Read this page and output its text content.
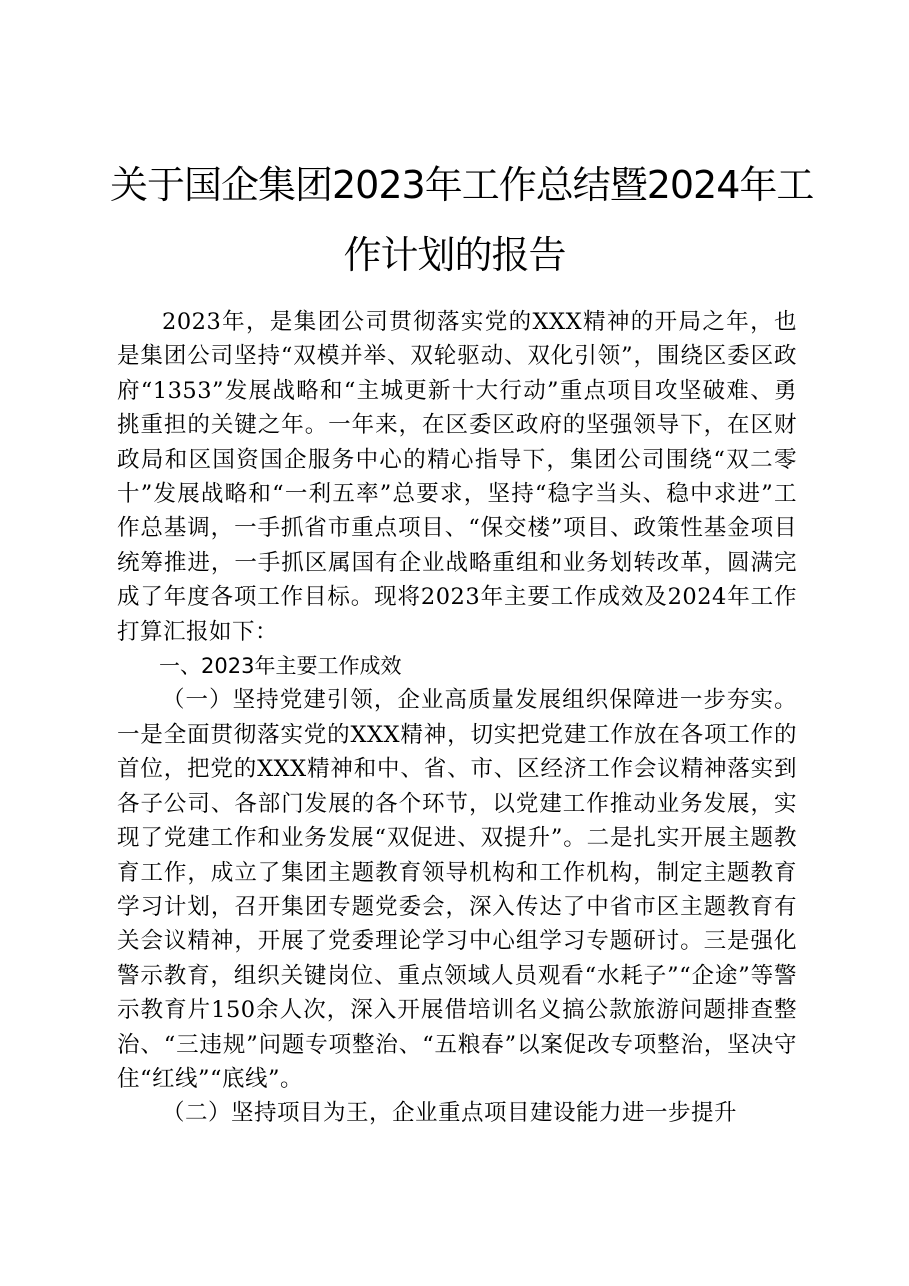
关于国企集团2023年工作总结暨2024年工
作计划的报告

2023年，是集团公司贯彻落实党的XXX精神的开局之年，也是集团公司坚持“双模并举、双轮驱动、双化引领”，围绕区委区政府“1353”发展战略和“主城更新十大行动”重点项目攻坚破难、勇挑重担的关键之年。一年来，在区委区政府的坚强领导下，在区财政局和区国资国企服务中心的精心指导下，集团公司围绕“双二零十”发展战略和“一利五率”总要求，坚持“稳字当头、稳中求进”工作总基调，一手抓省市重点项目、“保交楼”项目、政策性基金项目统筹推进，一手抓区属国有企业战略重组和业务划转改革，圆满完成了年度各项工作目标。现将2023年主要工作成效及2024年工作打算汇报如下：

一、2023年主要工作成效

（一）坚持党建引领，企业高质量发展组织保障进一步夯实。一是全面贯彻落实党的XXX精神，切实把党建工作放在各项工作的首位，把党的XXX精神和中、省、市、区经济工作会议精神落实到各子公司、各部门发展的各个环节，以党建工作推动业务发展，实现了党建工作和业务发展“双促进、双提升”。二是扎实开展主题教育工作，成立了集团主题教育领导机构和工作机构，制定主题教育学习计划，召开集团专题党委会，深入传达了中省市区主题教育有关会议精神，开展了党委理论学习中心组学习专题研讨。三是强化警示教育，组织关键岗位、重点领域人员观看“水耗子”“企途”等警示教育片150余人次，深入开展借培训名义搞公款旅游问题排查整治、“三违规”问题专项整治、“五粮春”以案促改专项整治，坚决守住“红线”“底线”。

（二）坚持项目为王，企业重点项目建设能力进一步提升
